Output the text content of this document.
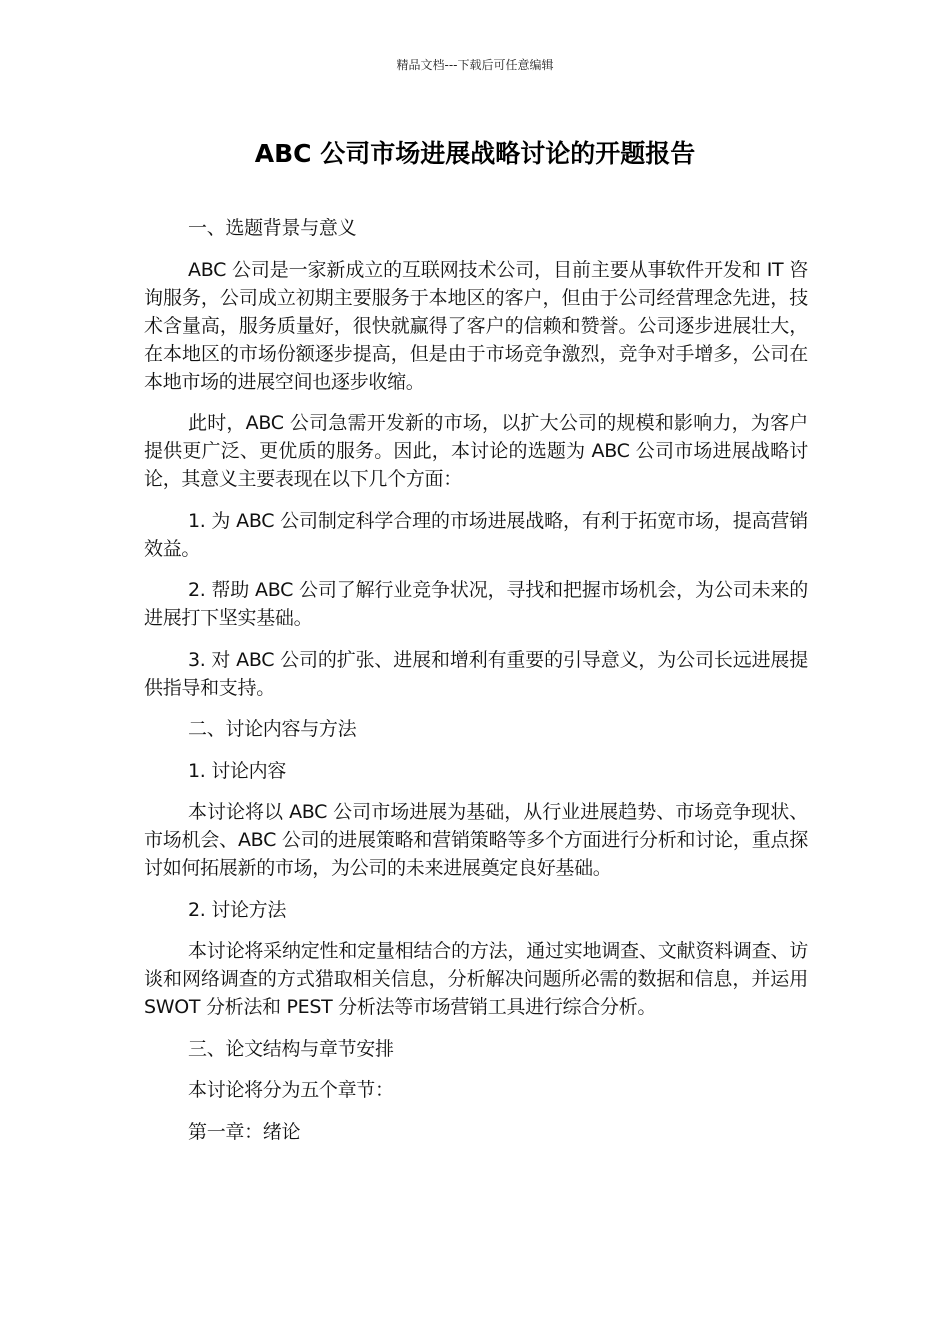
精品文档---下载后可任意编辑
ABC 公司市场进展战略讨论的开题报告

一、选题背景与意义

ABC 公司是一家新成立的互联网技术公司，目前主要从事软件开发和 IT 咨询服务，公司成立初期主要服务于本地区的客户，但由于公司经营理念先进，技术含量高，服务质量好，很快就赢得了客户的信赖和赞誉。公司逐步进展壮大，在本地区的市场份额逐步提高，但是由于市场竞争激烈，竞争对手增多，公司在本地市场的进展空间也逐步收缩。

此时，ABC 公司急需开发新的市场，以扩大公司的规模和影响力，为客户提供更广泛、更优质的服务。因此，本讨论的选题为 ABC 公司市场进展战略讨论，其意义主要表现在以下几个方面：

1. 为 ABC 公司制定科学合理的市场进展战略，有利于拓宽市场，提高营销效益。

2. 帮助 ABC 公司了解行业竞争状况，寻找和把握市场机会，为公司未来的进展打下坚实基础。

3. 对 ABC 公司的扩张、进展和增利有重要的引导意义，为公司长远进展提供指导和支持。

二、讨论内容与方法

1. 讨论内容

本讨论将以 ABC 公司市场进展为基础，从行业进展趋势、市场竞争现状、市场机会、ABC 公司的进展策略和营销策略等多个方面进行分析和讨论，重点探讨如何拓展新的市场，为公司的未来进展奠定良好基础。

2. 讨论方法

本讨论将采纳定性和定量相结合的方法，通过实地调查、文献资料调查、访谈和网络调查的方式猎取相关信息，分析解决问题所必需的数据和信息，并运用 SWOT 分析法和 PEST 分析法等市场营销工具进行综合分析。

三、论文结构与章节安排

本讨论将分为五个章节：

第一章：绪论
